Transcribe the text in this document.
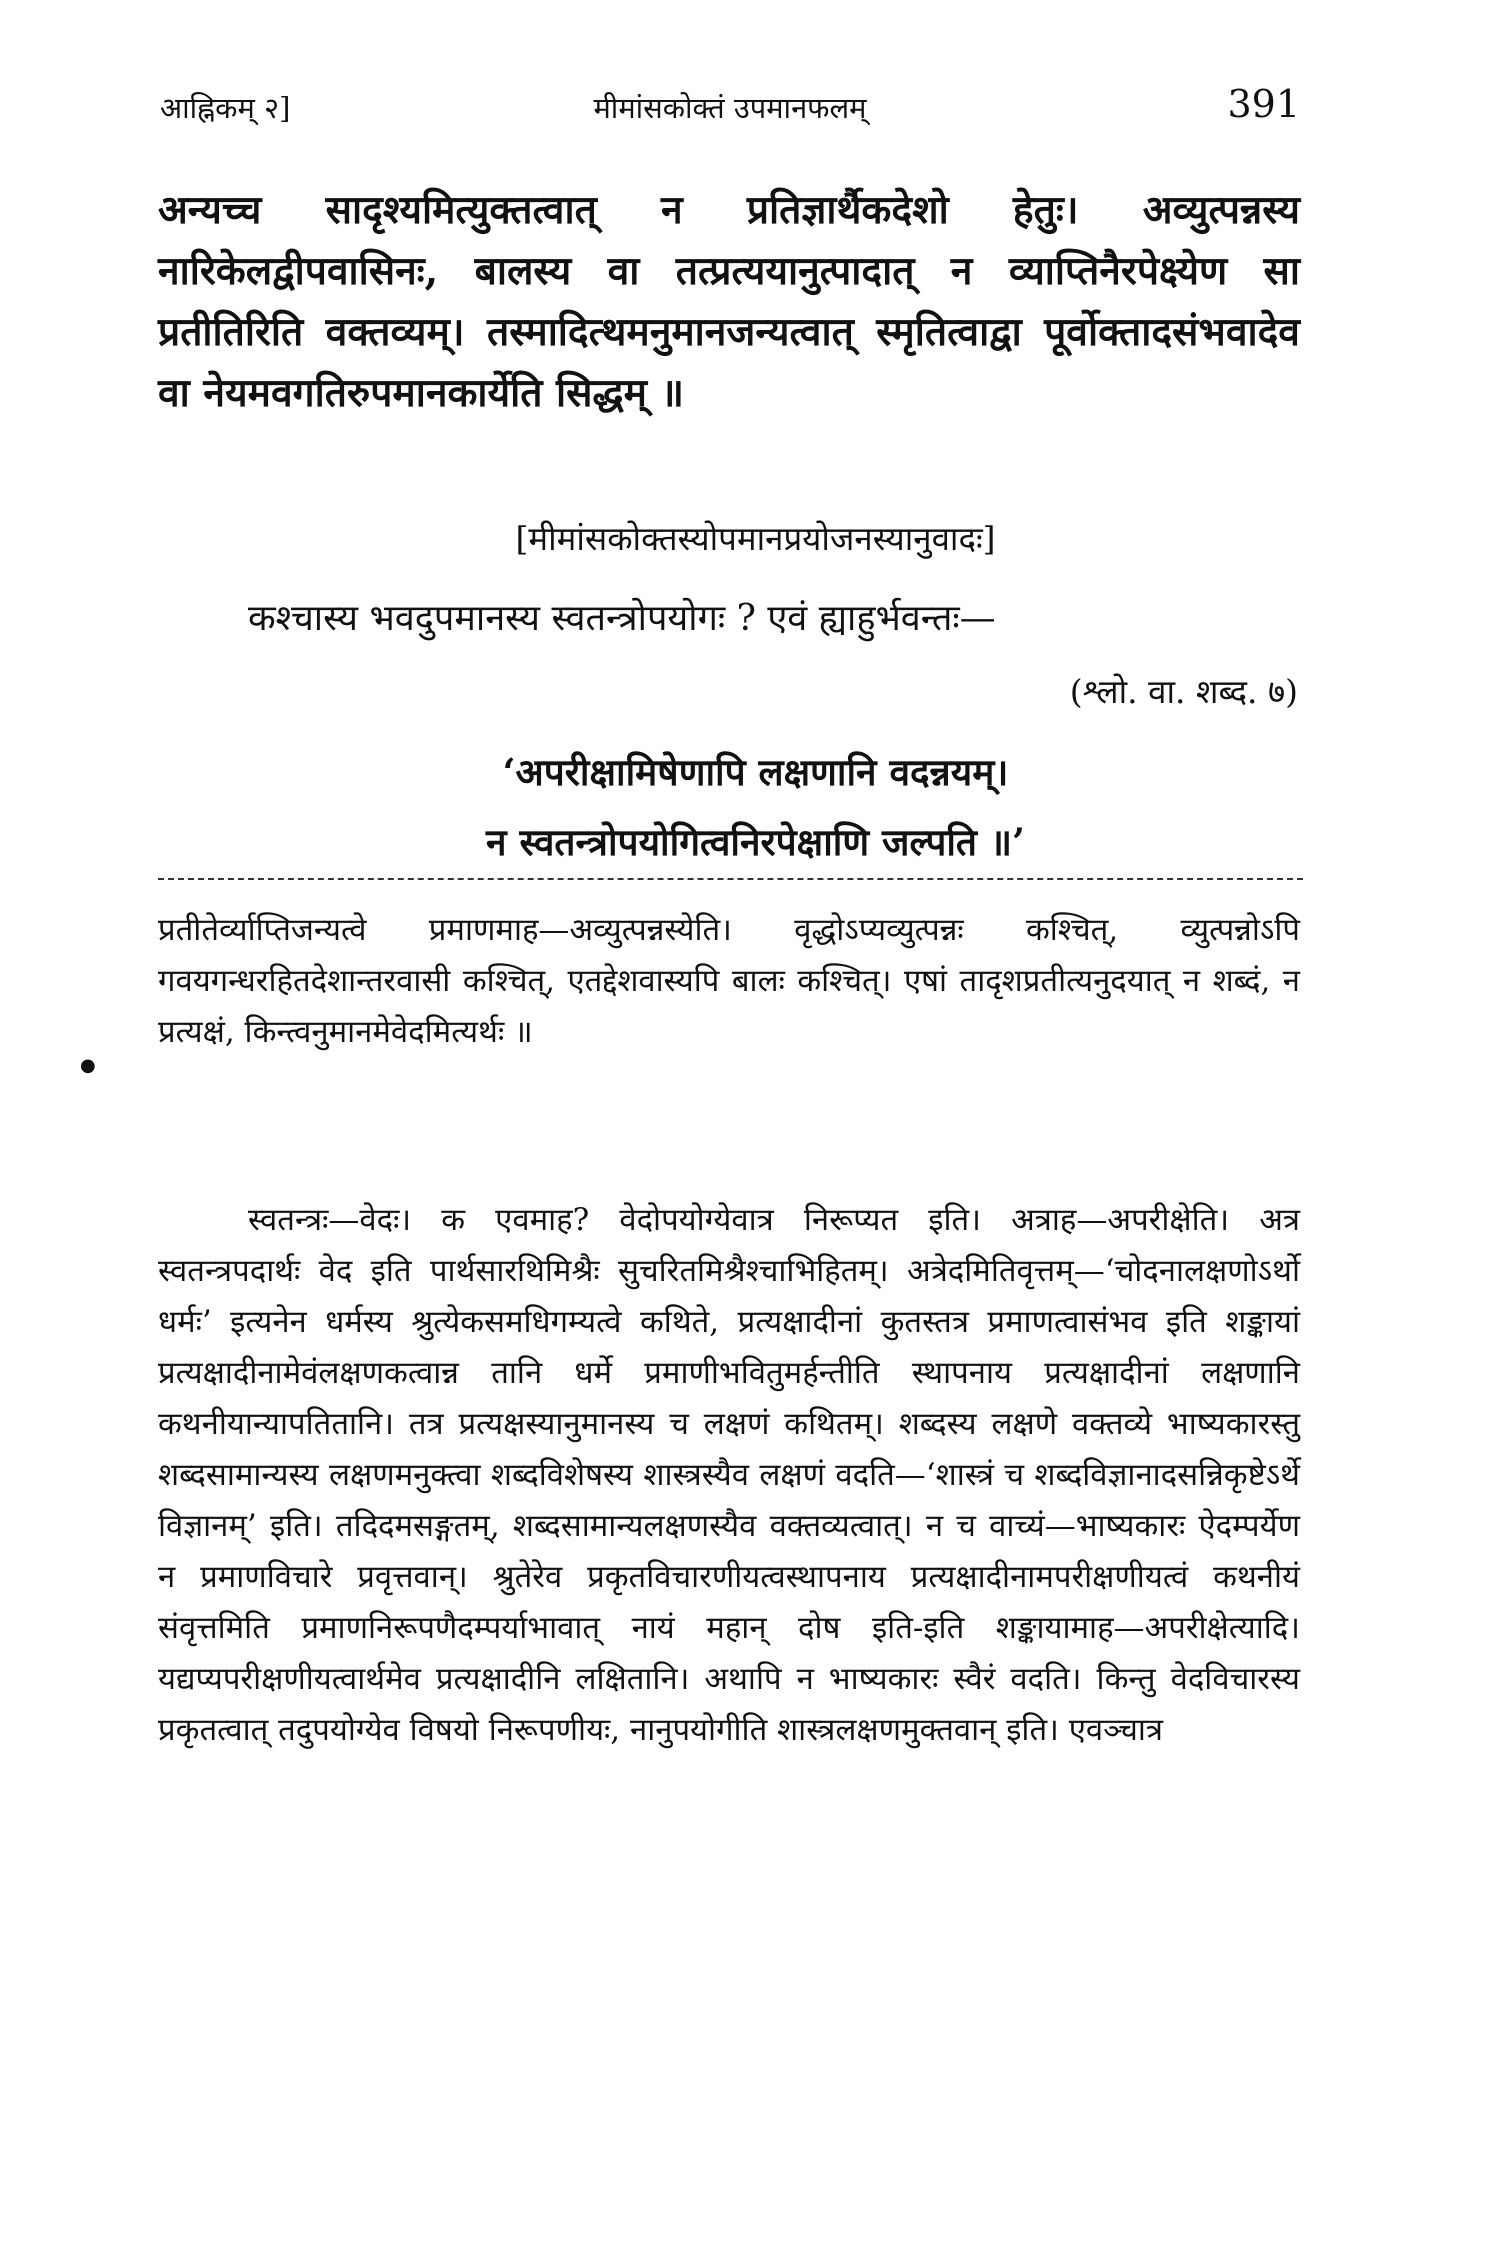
आह्निकम् २]	मीमांसकोक्तं उपमानफलम्	391
अन्यच्च सादृश्यमित्युक्तत्वात् न प्रतिज्ञार्थैकदेशो हेतुः। अव्युत्पन्नस्य नारिकेलद्वीपवासिनः, बालस्य वा तत्प्रत्ययानुत्पादात् न व्याप्तिनैरपेक्ष्येण सा प्रतीतिरिति वक्तव्यम्। तस्मादित्थमनुमानजन्यत्वात् स्मृतित्वाद्वा पूर्वोक्तादसंभवादेव वा नेयमवगतिरुपमानकार्येति सिद्धम् ॥
[मीमांसकोक्तस्योपमानप्रयोजनस्यानुवादः]
कश्चास्य भवदुपमानस्य स्वतन्त्रोपयोगः ? एवं ह्याहुर्भवन्तः—
(श्लो. वा. शब्द. ७)
‘अपरीक्षामिषेणापि लक्षणानि वदन्नयम्।
न स्वतन्त्रोपयोगित्वनिरपेक्षाणि जल्पति ॥’
प्रतीतेर्व्याप्तिजन्यत्वे प्रमाणमाह—अव्युत्पन्नस्येति। वृद्धोऽप्यव्युत्पन्नः कश्चित्, व्युत्पन्नोऽपि गवयगन्धरहितदेशान्तरवासी कश्चित्, एतद्देशवास्यपि बालः कश्चित्। एषां तादृशप्रतीत्यनुदयात् न शब्दं, न प्रत्यक्षं, किन्त्वनुमानमेवेदमित्यर्थः ॥
स्वतन्त्रः—वेदः। क एवमाह? वेदोपयोग्येवात्र निरूप्यत इति। अत्राह—अपरीक्षेति। अत्र स्वतन्त्रपदार्थः वेद इति पार्थसारथिमिश्रैः सुचरितमिश्रैश्चाभिहितम्। अत्रेदमितिवृत्तम्—‘चोदनालक्षणोऽर्थो धर्मः’ इत्यनेन धर्मस्य श्रुत्येकसमधिगम्यत्वे कथिते, प्रत्यक्षादीनां कुतस्तत्र प्रमाणत्वासंभव इति शङ्कायां प्रत्यक्षादीनामेवंलक्षणकत्वान्न तानि धर्मे प्रमाणीभवितुमर्हन्तीति स्थापनाय प्रत्यक्षादीनां लक्षणानि कथनीयान्यापतितानि। तत्र प्रत्यक्षस्यानुमानस्य च लक्षणं कथितम्। शब्दस्य लक्षणे वक्तव्ये भाष्यकारस्तु शब्दसामान्यस्य लक्षणमनुक्त्वा शब्दविशेषस्य शास्त्रस्यैव लक्षणं वदति—‘शास्त्रं च शब्दविज्ञानादसन्निकृष्टेऽर्थे विज्ञानम्’ इति। तदिदमसङ्गतम्, शब्दसामान्यलक्षणस्यैव वक्तव्यत्वात्। न च वाच्यं—भाष्यकारः ऐदम्पर्येण न प्रमाणविचारे प्रवृत्तवान्। श्रुतेरेव प्रकृतविचारणीयत्वस्थापनाय प्रत्यक्षादीनामपरीक्षणीयत्वं कथनीयं संवृत्तमिति प्रमाणनिरूपणैदम्पर्याभावात् नायं महान् दोष इति-इति शङ्कायामाह—अपरीक्षेत्यादि। यद्यप्यपरीक्षणीयत्वार्थमेव प्रत्यक्षादीनि लक्षितानि। अथापि न भाष्यकारः स्वैरं वदति। किन्तु वेदविचारस्य प्रकृतत्वात् तदुपयोग्येव विषयो निरूपणीयः, नानुपयोगीति शास्त्रलक्षणमुक्तवान् इति। एवञ्चात्र
●
